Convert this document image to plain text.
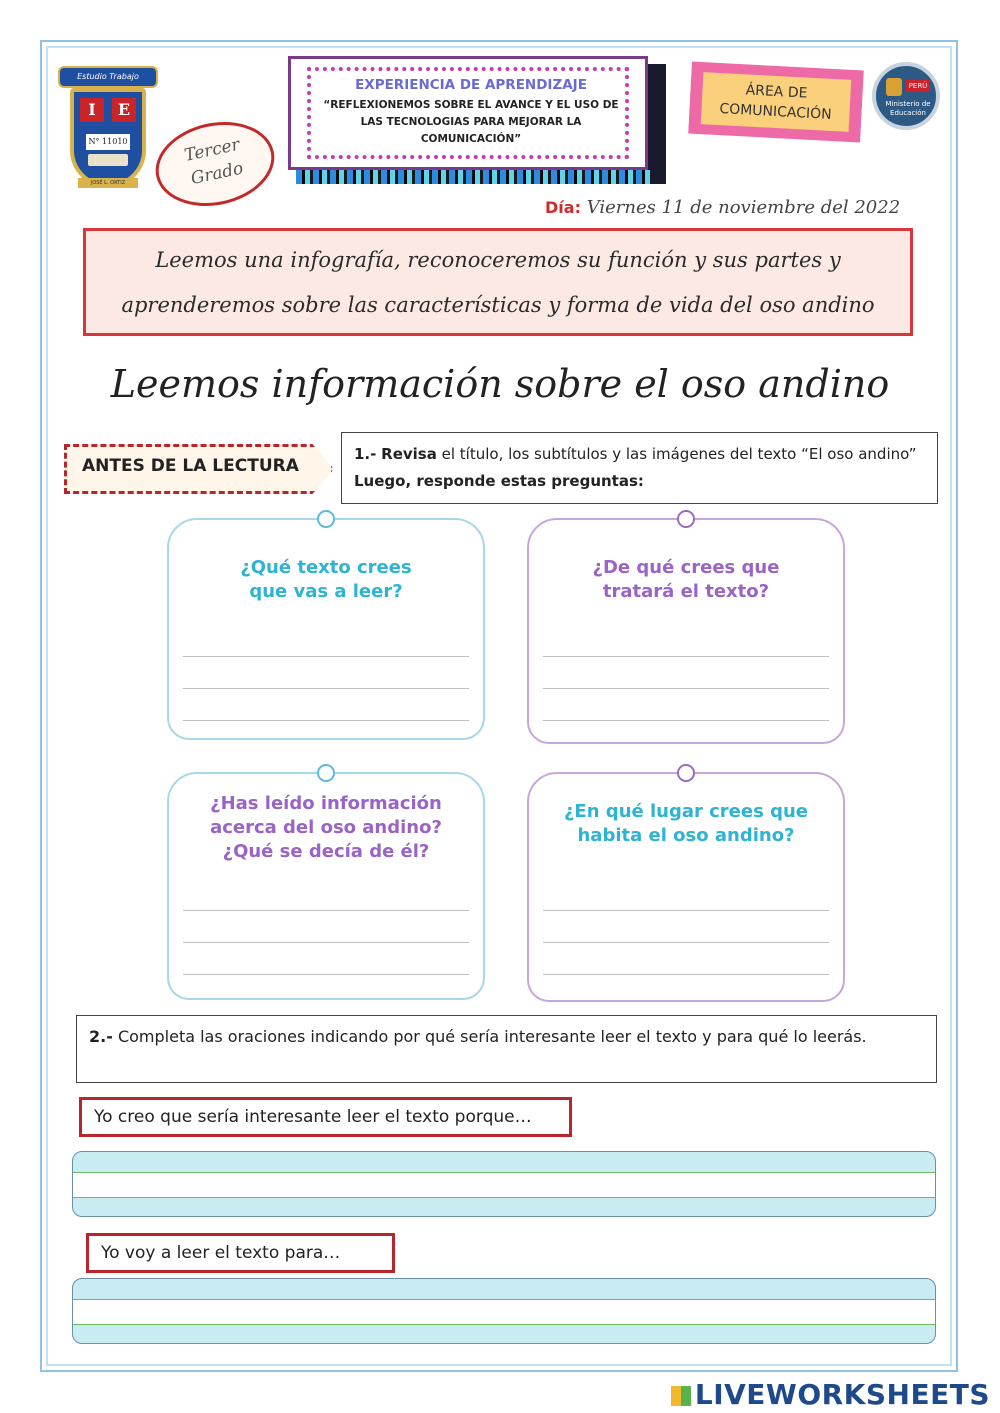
Estudio Trabajo
I	E
N° 11010
JOSÉ L. ORTIZ
Tercer
Grado
EXPERIENCIA DE APRENDIZAJE
“REFLEXIONEMOS SOBRE EL AVANCE Y EL USO DE LAS TECNOLOGIAS PARA MEJORAR LA COMUNICACIÓN”
ÁREA DE
COMUNICACIÓN
PERÚ
Ministerio de Educación
Día: Viernes 11 de noviembre del 2022
Leemos una infografía, reconoceremos su función y sus partes y
aprenderemos sobre las características y forma de vida del oso andino
Leemos información sobre el oso andino
ANTES DE LA LECTURA
1.- Revisa el título, los subtítulos y las imágenes del texto “El oso andino” Luego, responde estas preguntas:
¿Qué texto crees que vas a leer?
¿De qué crees que tratará el texto?
¿Has leído información acerca del oso andino? ¿Qué se decía de él?
¿En qué lugar crees que habita el oso andino?
2.- Completa las oraciones indicando por qué sería interesante leer el texto y para qué lo leerás.
Yo creo que sería interesante leer el texto porque…
Yo voy a leer el texto para…
LIVEWORKSHEETS
